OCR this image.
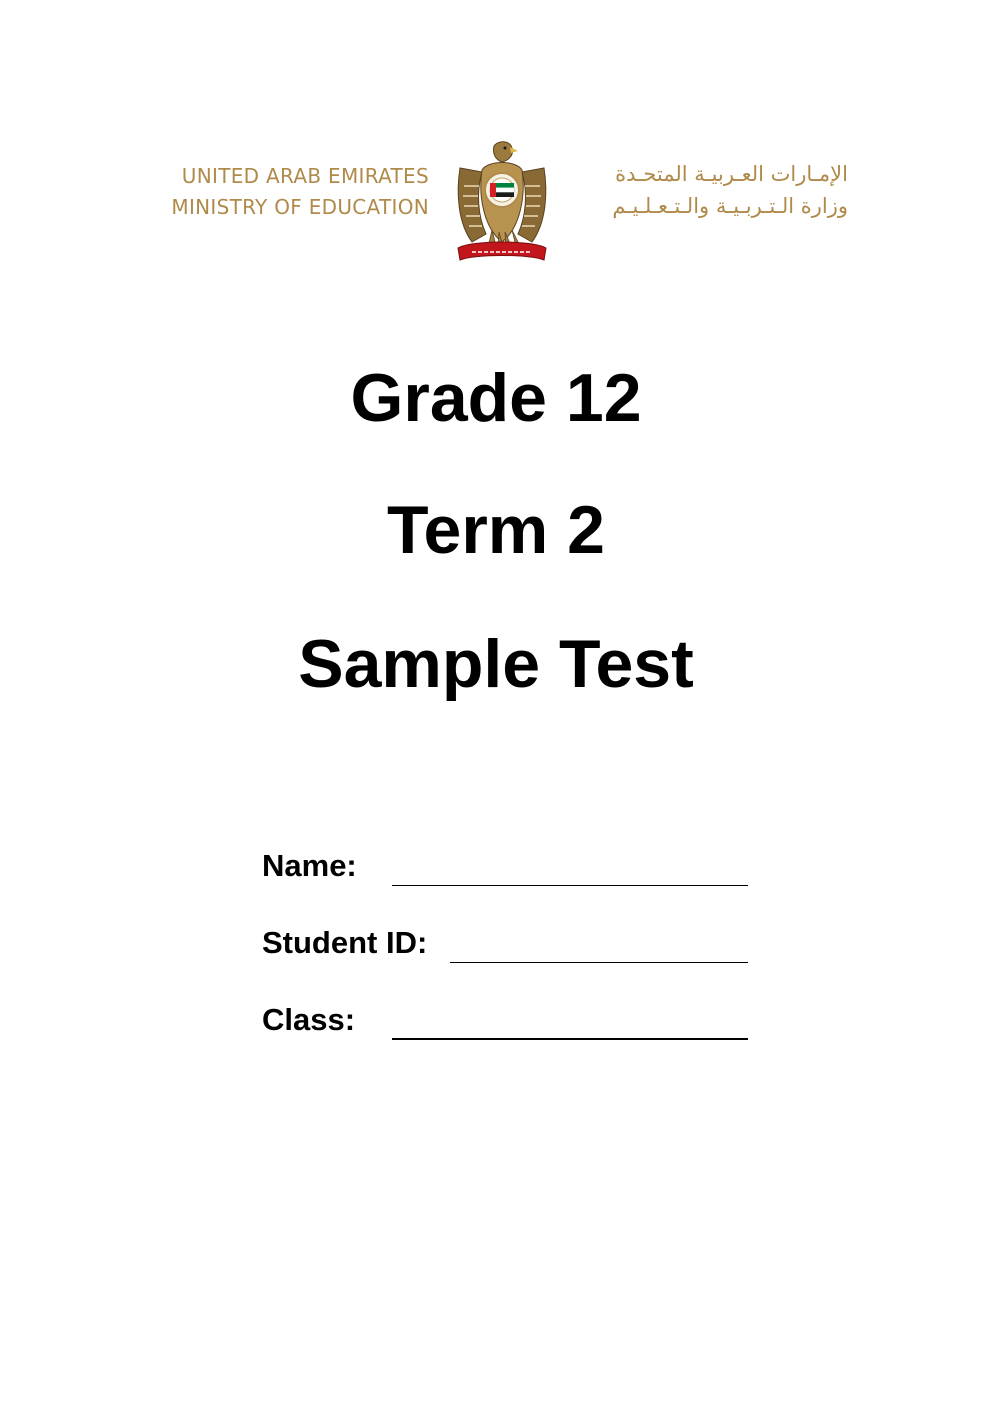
UNITED ARAB EMIRATES
MINISTRY OF EDUCATION
الإمـارات العـربيـة المتحـدة
وزارة الـتـربـيـة والـتـعـلـيـم
Grade 12
Term 2
Sample Test
Name:
Student ID:
Class:
